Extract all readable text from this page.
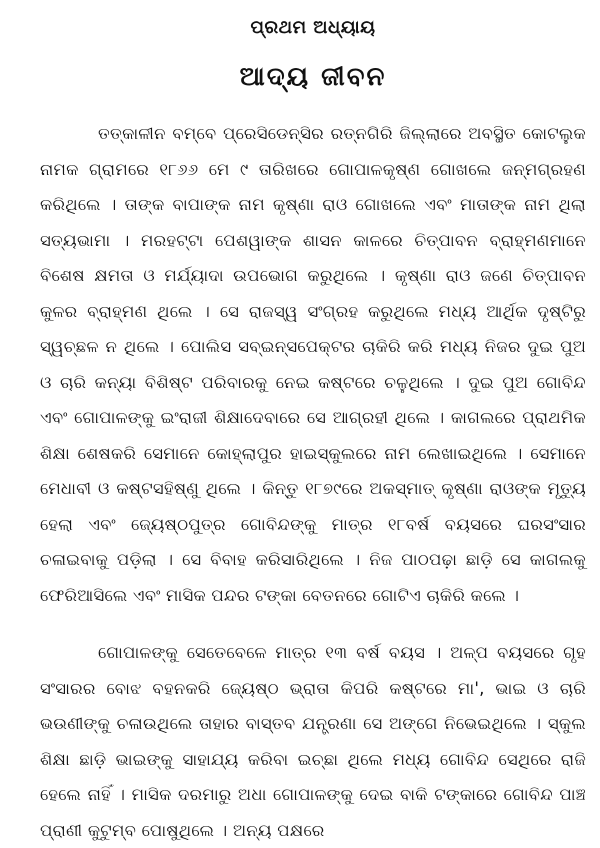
ପ୍ରଥମ ଅଧ୍ୟାୟ
ଆଦ୍ୟ ଜୀବନ

ତତ୍କାଳୀନ ବମ୍ବେ ପ୍ରେସିଡେନ୍ସିର ରତ୍ନଗିରି ଜିଲ୍ଲାରେ ଅବସ୍ଥିତ କୋଟଲୁକ ନାମକ ଗ୍ରାମରେ ୧୮୬୬ ମେ ୯ ତାରିଖରେ ଗୋପାଳକୃଷ୍ଣ ଗୋଖଲେ ଜନ୍ମଗ୍ରହଣ କରିଥିଲେ । ତାଙ୍କ ବାପାଙ୍କ ନାମ କୃଷ୍ଣା ରାଓ ଗୋଖଲେ ଏବଂ ମାତାଙ୍କ ନାମ ଥିଲା ସତ୍ୟଭାମା । ମରହଟ୍ଟା ପେଶୱାଙ୍କ ଶାସନ କାଳରେ ଚିତ୍ପାବନ ବ୍ରାହ୍ମଣମାନେ ବିଶେଷ କ୍ଷମତା ଓ ମର୍ଯ୍ୟାଦା ଉପଭୋଗ କରୁଥିଲେ । କୃଷ୍ଣା ରାଓ ଜଣେ ଚିତ୍ପାବନ କୁଳର ବ୍ରାହ୍ମଣ ଥିଲେ । ସେ ରାଜସ୍ୱ ସଂଗ୍ରହ କରୁଥିଲେ ମଧ୍ୟ ଆର୍ଥିକ ଦୃଷ୍ଟିରୁ ସ୍ୱଚ୍ଛଳ ନ ଥିଲେ । ପୋଲିସ ସବ୍ଇନ୍ସପେକ୍ଟର ଚାକିରି କରି ମଧ୍ୟ ନିଜର ଦୁଇ ପୁଅ ଓ ଚାରି କନ୍ୟା ବିଶିଷ୍ଟ ପରିବାରକୁ ନେଇ କଷ୍ଟରେ ଚଳୁଥିଲେ । ଦୁଇ ପୁଅ ଗୋବିନ୍ଦ ଏବଂ ଗୋପାଳଙ୍କୁ ଇଂରାଜୀ ଶିକ୍ଷାଦେବାରେ ସେ ଆଗ୍ରହୀ ଥିଲେ । କାଗଲରେ ପ୍ରାଥମିକ ଶିକ୍ଷା ଶେଷକରି ସେମାନେ କୋହ୍ଲାପୁର ହାଇସ୍କୁଲରେ ନାମ ଲେଖାଇଥିଲେ । ସେମାନେ ମେଧାବୀ ଓ କଷ୍ଟସହିଷ୍ଣୁ ଥିଲେ । କିନ୍ତୁ ୧୮୭୯ରେ ଅକସ୍ମାତ୍ କୃଷ୍ଣା ରାଓଙ୍କ ମୃତ୍ୟୁ ହେଲା ଏବଂ ଜ୍ୟେଷ୍ଠପୁତ୍ର ଗୋବିନ୍ଦଙ୍କୁ ମାତ୍ର ୧୮ବର୍ଷ ବୟସରେ ଘରସଂସାର ଚଳାଇବାକୁ ପଡ଼ିଲା । ସେ ବିବାହ କରିସାରିଥିଲେ । ନିଜ ପାଠପଢ଼ା ଛାଡ଼ି ସେ କାଗଲକୁ ଫେରିଆସିଲେ ଏବଂ ମାସିକ ପନ୍ଦର ଟଙ୍କା ବେତନରେ ଗୋଟିଏ ଚାକିରି କଲେ ।

ଗୋପାଳଙ୍କୁ ସେତେବେଳେ ମାତ୍ର ୧୩ ବର୍ଷ ବୟସ । ଅଳ୍ପ ବୟସରେ ଗୃହ ସଂସାରର ବୋଝ ବହନକରି ଜ୍ୟେଷ୍ଠ ଭ୍ରାତା କିପରି କଷ୍ଟରେ ମା', ଭାଇ ଓ ଚାରି ଭଉଣୀଙ୍କୁ ଚଳାଉଥିଲେ ତାହାର ବାସ୍ତବ ଯନ୍ତ୍ରଣା ସେ ଅଙ୍ଗେ ନିଭେଇଥିଲେ । ସ୍କୁଲ ଶିକ୍ଷା ଛାଡ଼ି ଭାଇଙ୍କୁ ସାହାଯ୍ୟ କରିବା ଇଚ୍ଛା ଥିଲେ ମଧ୍ୟ ଗୋବିନ୍ଦ ସେଥିରେ ରାଜି ହେଲେ ନାହିଁ । ମାସିକ ଦରମାରୁ ଅଧା ଗୋପାଳଙ୍କୁ ଦେଇ ବାକି ଟଙ୍କାରେ ଗୋବିନ୍ଦ ପାଞ୍ଚ ପ୍ରାଣୀ କୁଟୁମ୍ବ ପୋଷୁଥିଲେ । ଅନ୍ୟ ପକ୍ଷରେ
